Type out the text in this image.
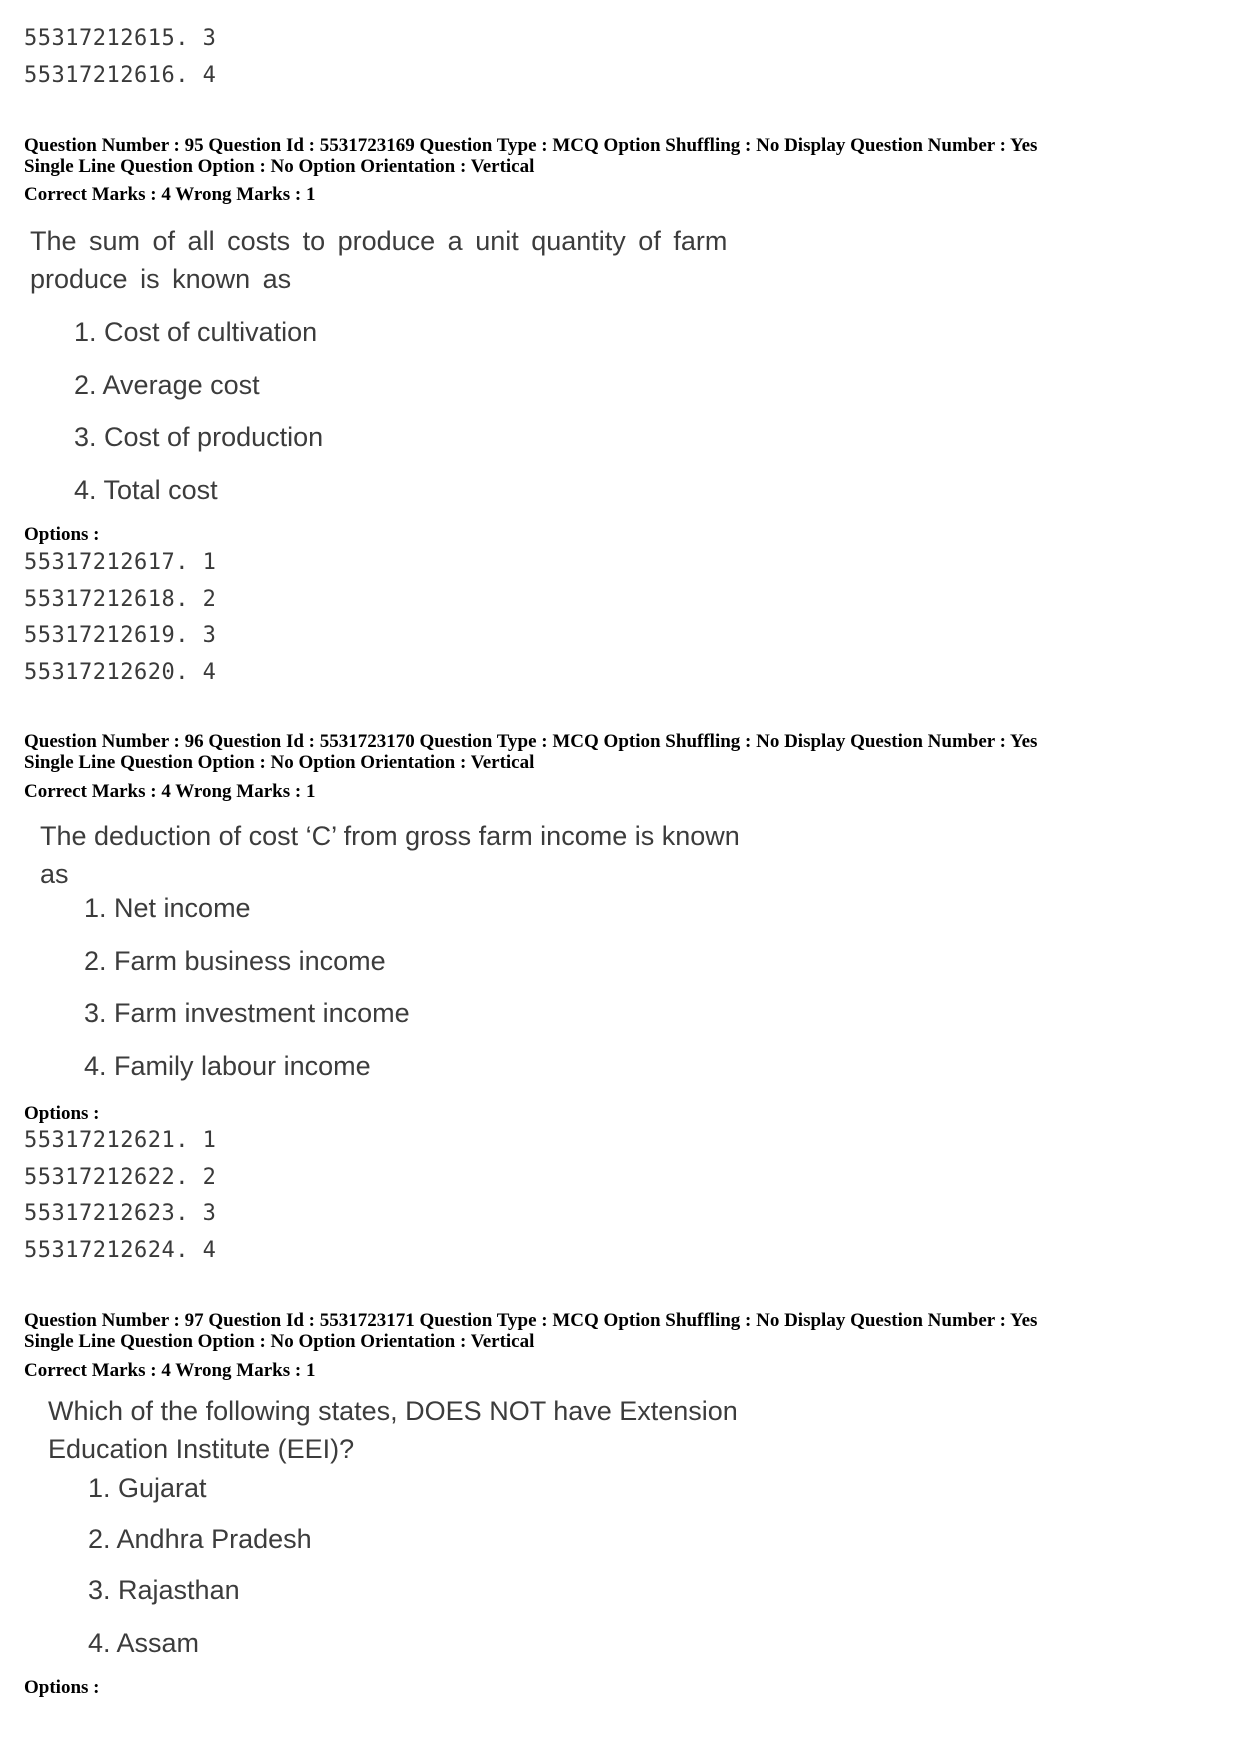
55317212615. 3
55317212616. 4
Question Number : 95 Question Id : 5531723169 Question Type : MCQ Option Shuffling : No Display Question Number : Yes
Single Line Question Option : No Option Orientation : Vertical
Correct Marks : 4 Wrong Marks : 1
The sum of all costs to produce a unit quantity of farm
produce is known as
1. Cost of cultivation
2. Average cost
3. Cost of production
4. Total cost
Options :
55317212617. 1
55317212618. 2
55317212619. 3
55317212620. 4
Question Number : 96 Question Id : 5531723170 Question Type : MCQ Option Shuffling : No Display Question Number : Yes
Single Line Question Option : No Option Orientation : Vertical
Correct Marks : 4 Wrong Marks : 1
The deduction of cost ‘C’ from gross farm income is known
as
1. Net income
2. Farm business income
3. Farm investment income
4. Family labour income
Options :
55317212621. 1
55317212622. 2
55317212623. 3
55317212624. 4
Question Number : 97 Question Id : 5531723171 Question Type : MCQ Option Shuffling : No Display Question Number : Yes
Single Line Question Option : No Option Orientation : Vertical
Correct Marks : 4 Wrong Marks : 1
Which of the following states, DOES NOT have Extension
Education Institute (EEI)?
1. Gujarat
2. Andhra Pradesh
3. Rajasthan
4. Assam
Options :
